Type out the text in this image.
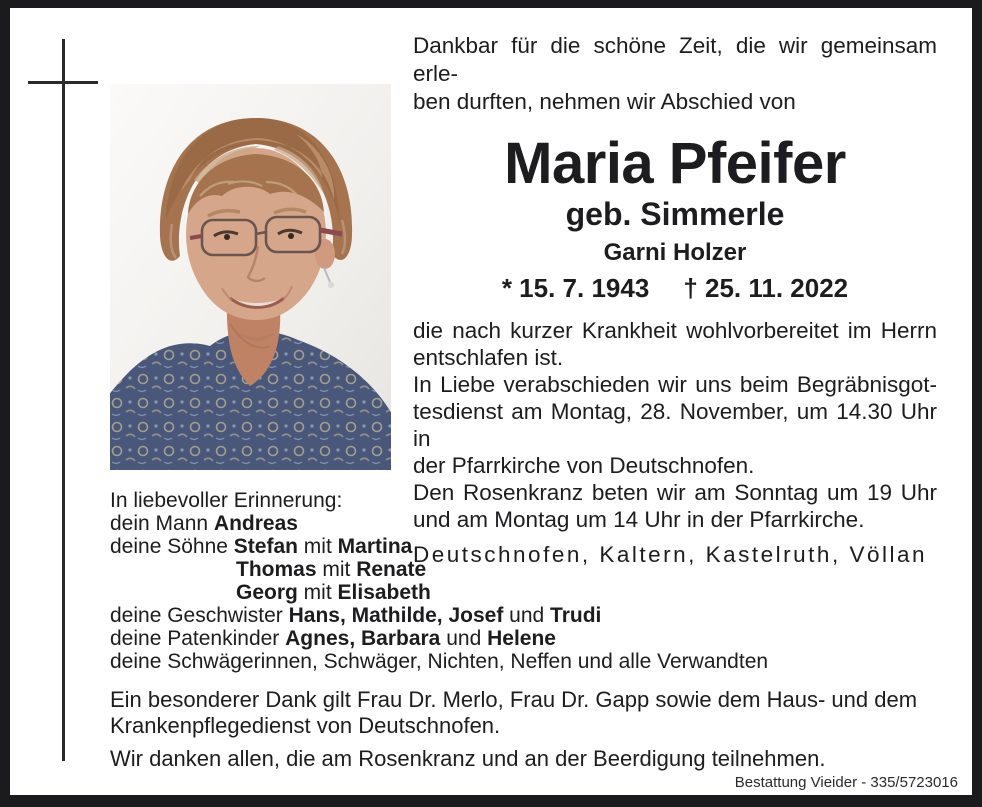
Dankbar für die schöne Zeit, die wir gemeinsam erle-
ben durften, nehmen wir Abschied von
Maria Pfeifer
geb. Simmerle
Garni Holzer
* 15. 7. 1943 † 25. 11. 2022
die nach kurzer Krankheit wohlvorbereitet im Herrn
entschlafen ist.
In Liebe verabschieden wir uns beim Begräbnisgot-
tesdienst am Montag, 28. November, um 14.30 Uhr in
der Pfarrkirche von Deutschnofen.
Den Rosenkranz beten wir am Sonntag um 19 Uhr
und am Montag um 14 Uhr in der Pfarrkirche.
Deutschnofen, Kaltern, Kastelruth, Völlan
In liebevoller Erinnerung:
dein Mann Andreas
deine Söhne Stefan mit Martina
Thomas mit Renate
Georg mit Elisabeth
deine Geschwister Hans, Mathilde, Josef und Trudi
deine Patenkinder Agnes, Barbara und Helene
deine Schwägerinnen, Schwäger, Nichten, Neffen und alle Verwandten
Ein besonderer Dank gilt Frau Dr. Merlo, Frau Dr. Gapp sowie dem Haus- und dem
Krankenpflegedienst von Deutschnofen.
Wir danken allen, die am Rosenkranz und an der Beerdigung teilnehmen.
Bestattung Vieider - 335/5723016
